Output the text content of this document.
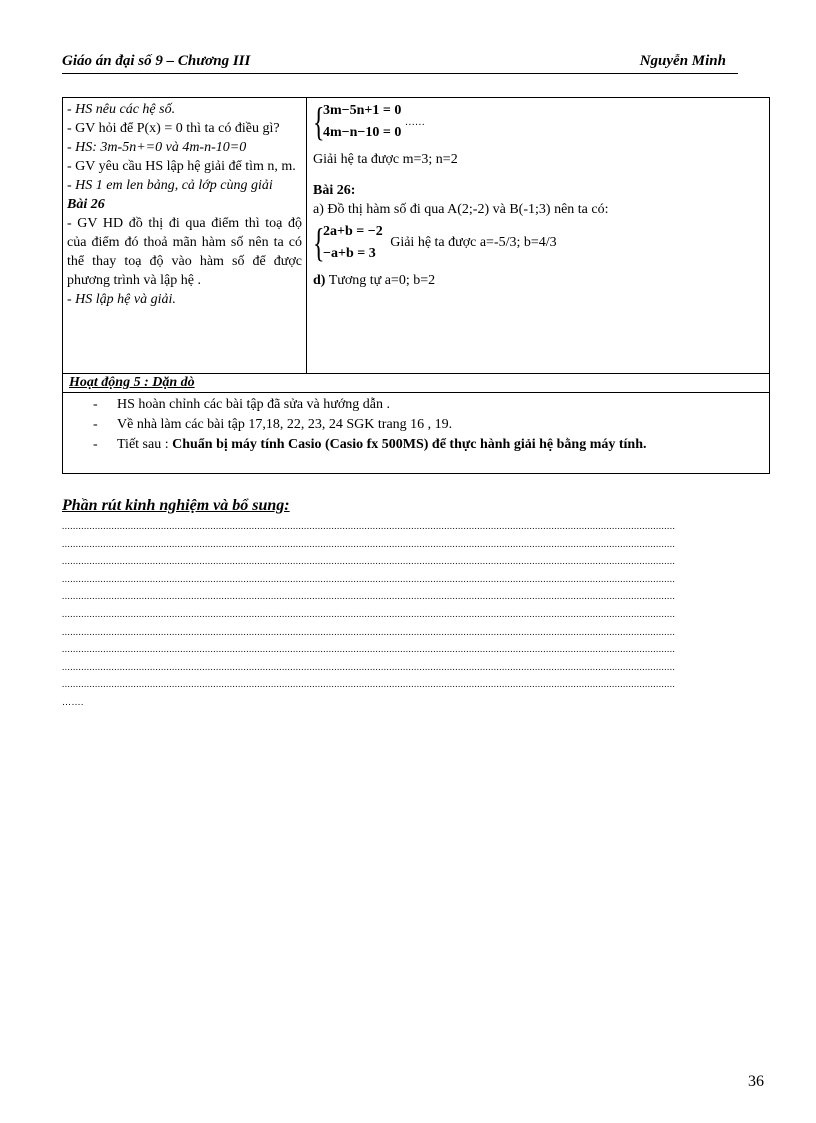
Giáo án đại số 9 – Chương III	Nguyễn Minh
- HS nêu các hệ số.
- GV hỏi để P(x) = 0 thì ta có điều gì?
- HS: 3m-5n+=0 và 4m-n-10=0
- GV yêu cầu HS lập hệ giải để tìm n, m.
- HS 1 em len bảng, cả lớp cùng giải
Bài 26
- GV HD đồ thị đi qua điểm thì toạ độ của điểm đó thoả mãn hàm số nên ta có thể thay toạ độ vào hàm số để được phương trình và lập hệ .
- HS lập hệ và giải.
{
3m−5n+1 = 0
4m−n−10 = 0
……
Giải hệ ta được m=3; n=2
Bài 26:
a) Đồ thị hàm số đi qua A(2;-2) và B(-1;3) nên ta có:
{
2a+b = −2
−a+b = 3
Giải hệ ta được a=-5/3; b=4/3
d) Tương tự a=0; b=2
Hoạt động 5 : Dặn dò
- HS hoàn chỉnh các bài tập đã sửa và hướng dẫn .
- Về nhà làm các bài tập 17,18, 22, 23, 24 SGK trang 16 , 19.
- Tiết sau : Chuẩn bị máy tính Casio (Casio fx 500MS) để thực hành giải hệ bằng máy tính.
Phần rút kinh nghiệm và bổ sung:
...............................................................................................................................................................................................................................
...............................................................................................................................................................................................................................
...............................................................................................................................................................................................................................
...............................................................................................................................................................................................................................
...............................................................................................................................................................................................................................
...............................................................................................................................................................................................................................
...............................................................................................................................................................................................................................
...............................................................................................................................................................................................................................
...............................................................................................................................................................................................................................
...............................................................................................................................................................................................................................
…….
36
